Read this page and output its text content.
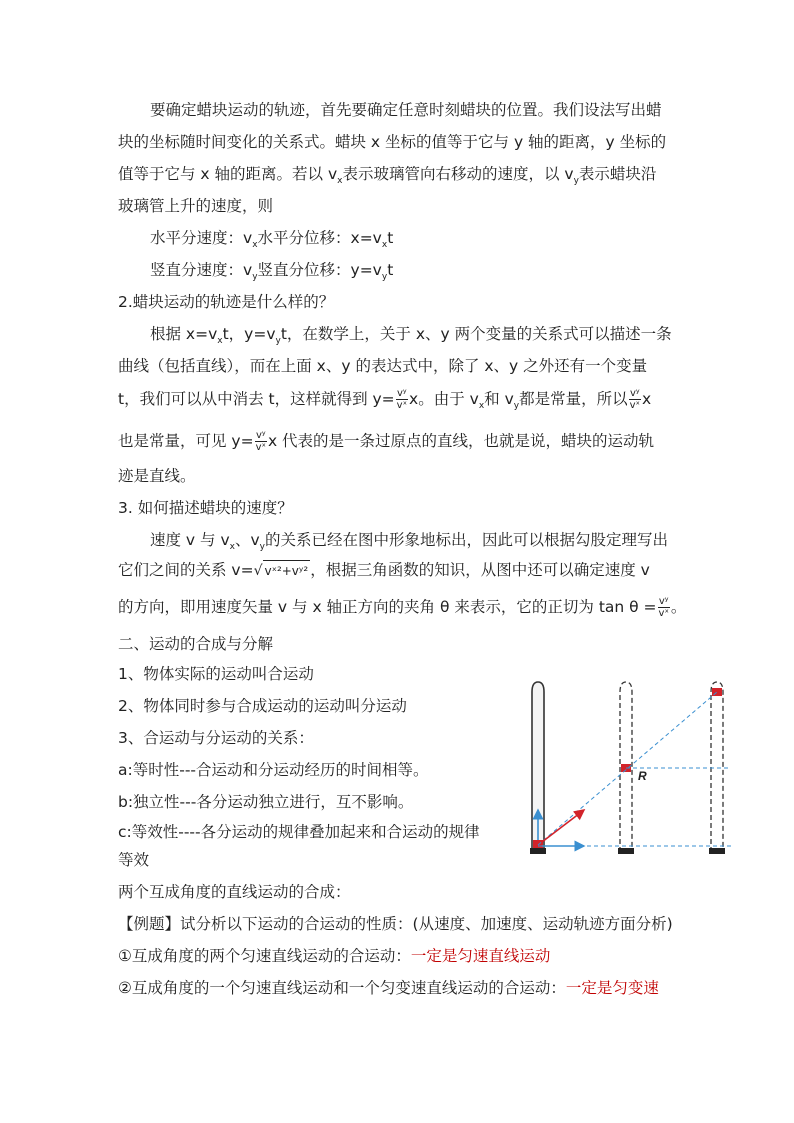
要确定蜡块运动的轨迹，首先要确定任意时刻蜡块的位置。我们设法写出蜡
块的坐标随时间变化的关系式。蜡块 x 坐标的值等于它与 y 轴的距离，y 坐标的
值等于它与 x 轴的距离。若以 $v_x$表示玻璃管向右移动的速度，以 $v_y$表示蜡块沿
玻璃管上升的速度，则
水平分速度：$v_x$水平分位移：$x=v_xt$
竖直分速度：$v_y$竖直分位移：$y=v_yt$
2.蜡块运动的轨迹是什么样的？
根据 $x=v_xt$，$y=v_yt$，在数学上，关于 x、y 两个变量的关系式可以描述一条
曲线（包括直线），而在上面 x、y 的表达式中，除了 x、y 之外还有一个变量
t，我们可以从中消去 t，这样就得到 $y= \frac{\text{vʸ}}{\text{vˣ}}$ x。由于 $v_x$和 $v_y$都是常量，所以 $\frac{\text{vʸ}}{\text{vˣ}}$ x
也是常量，可见 $y= \frac{\text{vʸ}}{\text{vˣ}}$ x 代表的是一条过原点的直线，也就是说，蜡块的运动轨
迹是直线。
3. 如何描述蜡块的速度？
速度 v 与 $v_x$、$v_y$的关系已经在图中形象地标出，因此可以根据勾股定理写出
它们之间的关系 v=√ vˣ²+vʸ² ，根据三角函数的知识，从图中还可以确定速度 v
的方向，即用速度矢量 v 与 x 轴正方向的夹角 θ 来表示，它的正切为 $\tan \theta = \frac{\text{vʸ}}{\text{vˣ}}$ 。
二、运动的合成与分解
1、物体实际的运动叫合运动
2、物体同时参与合成运动的运动叫分运动
3、合运动与分运动的关系：
a:等时性---合运动和分运动经历的时间相等。
b:独立性---各分运动独立进行，互不影响。
c:等效性----各分运动的规律叠加起来和合运动的规律
等效
两个互成角度的直线运动的合成：
【例题】试分析以下运动的合运动的性质：(从速度、加速度、运动轨迹方面分析)
①互成角度的两个匀速直线运动的合运动：一定是匀速直线运动
②互成角度的一个匀速直线运动和一个匀变速直线运动的合运动：一定是匀变速
R
